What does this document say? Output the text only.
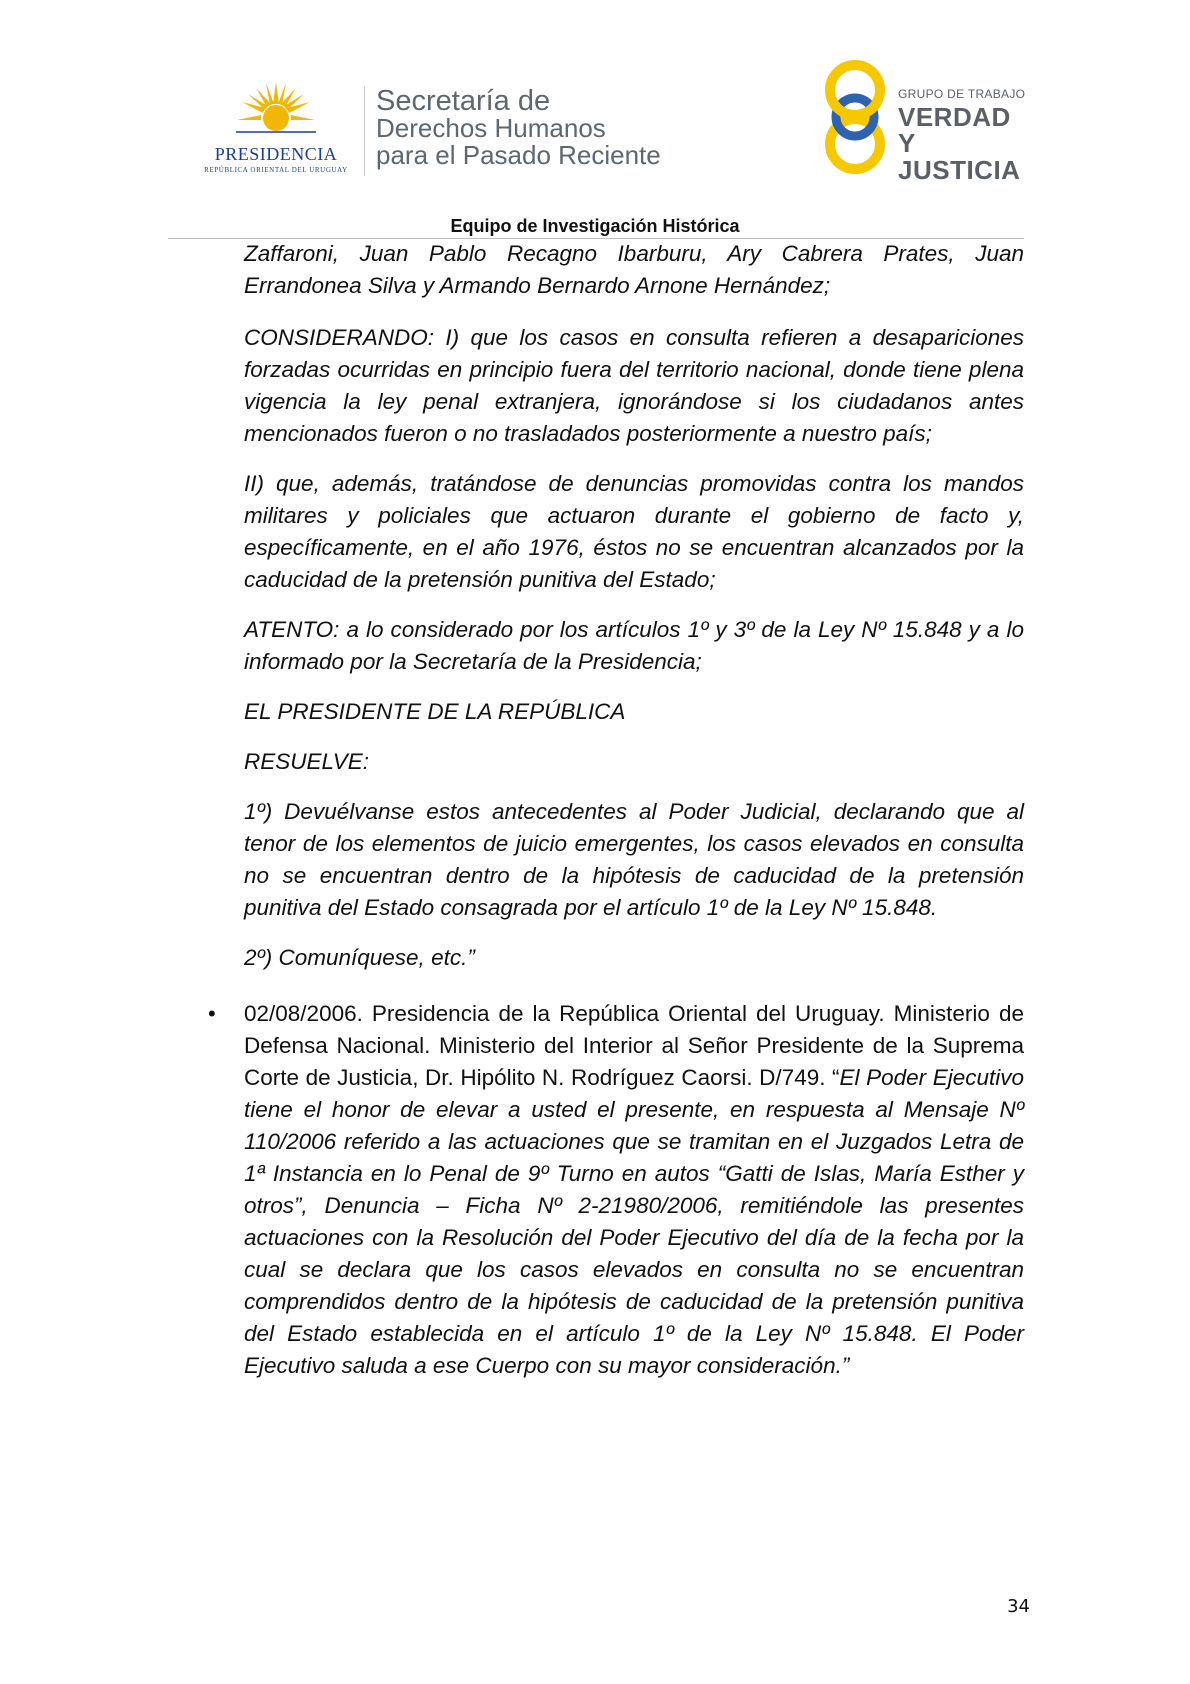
PRESIDENCIA
REPÚBLICA ORIENTAL DEL URUGUAY
Secretaría de
Derechos Humanos
para el Pasado Reciente
GRUPO DE TRABAJO
VERDAD Y
JUSTICIA
Equipo de Investigación Histórica

Zaffaroni, Juan Pablo Recagno Ibarburu, Ary Cabrera Prates, Juan Errandonea Silva y Armando Bernardo Arnone Hernández;

CONSIDERANDO: I) que los casos en consulta refieren a desapariciones forzadas ocurridas en principio fuera del territorio nacional, donde tiene plena vigencia la ley penal extranjera, ignorándose si los ciudadanos antes mencionados fueron o no trasladados posteriormente a nuestro país;

II) que, además, tratándose de denuncias promovidas contra los mandos militares y policiales que actuaron durante el gobierno de facto y, específicamente, en el año 1976, éstos no se encuentran alcanzados por la caducidad de la pretensión punitiva del Estado;

ATENTO: a lo considerado por los artículos 1º y 3º de la Ley Nº 15.848 y a lo informado por la Secretaría de la Presidencia;

EL PRESIDENTE DE LA REPÚBLICA

RESUELVE:

1º) Devuélvanse estos antecedentes al Poder Judicial, declarando que al tenor de los elementos de juicio emergentes, los casos elevados en consulta no se encuentran dentro de la hipótesis de caducidad de la pretensión punitiva del Estado consagrada por el artículo 1º de la Ley Nº 15.848.

2º) Comuníquese, etc.”

• 02/08/2006. Presidencia de la República Oriental del Uruguay. Ministerio de Defensa Nacional. Ministerio del Interior al Señor Presidente de la Suprema Corte de Justicia, Dr. Hipólito N. Rodríguez Caorsi. D/749. “El Poder Ejecutivo tiene el honor de elevar a usted el presente, en respuesta al Mensaje Nº 110/2006 referido a las actuaciones que se tramitan en el Juzgados Letra de 1ª Instancia en lo Penal de 9º Turno en autos “Gatti de Islas, María Esther y otros”, Denuncia – Ficha Nº 2-21980/2006, remitiéndole las presentes actuaciones con la Resolución del Poder Ejecutivo del día de la fecha por la cual se declara que los casos elevados en consulta no se encuentran comprendidos dentro de la hipótesis de caducidad de la pretensión punitiva del Estado establecida en el artículo 1º de la Ley Nº 15.848. El Poder Ejecutivo saluda a ese Cuerpo con su mayor consideración.”

34
